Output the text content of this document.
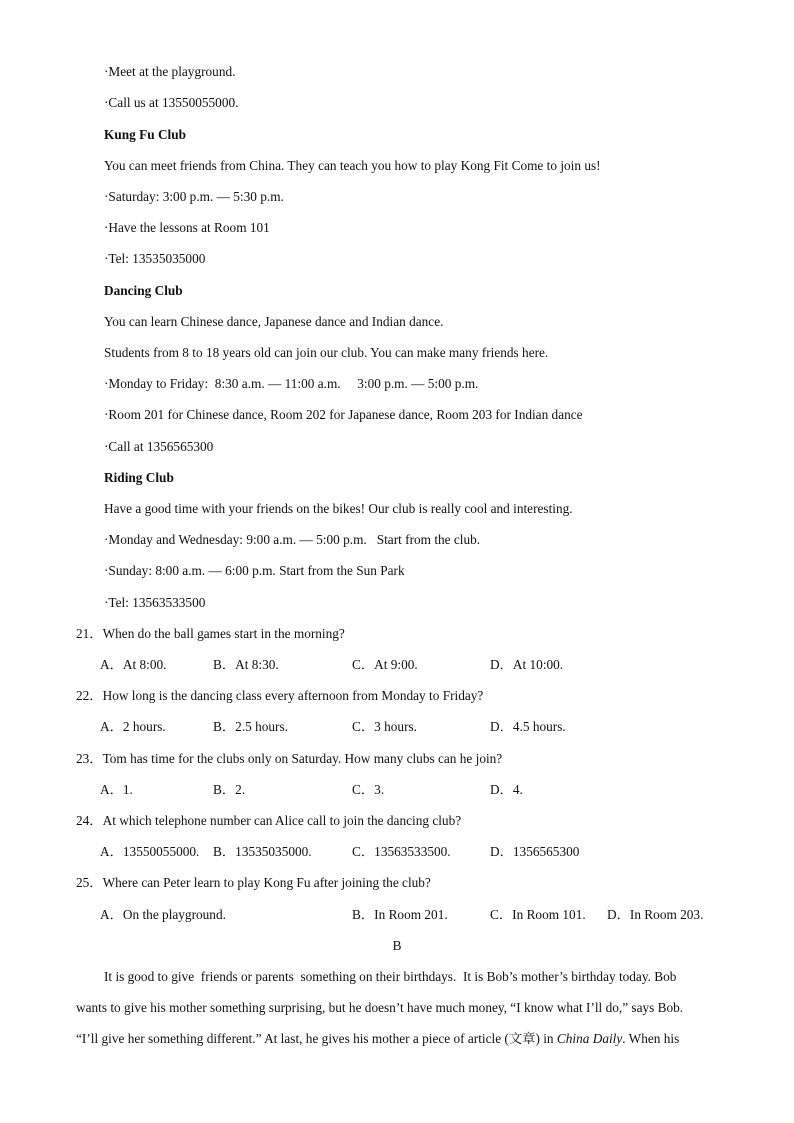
·Meet at the playground.
·Call us at 13550055000.
Kung Fu Club
You can meet friends from China. They can teach you how to play Kong Fit Come to join us!
·Saturday: 3:00 p.m. — 5:30 p.m.
·Have the lessons at Room 101
·Tel: 13535035000
Dancing Club
You can learn Chinese dance, Japanese dance and Indian dance.
Students from 8 to 18 years old can join our club. You can make many friends here.
·Monday to Friday:  8:30 a.m. — 11:00 a.m.     3:00 p.m. — 5:00 p.m.
·Room 201 for Chinese dance, Room 202 for Japanese dance, Room 203 for Indian dance
·Call at 1356565300
Riding Club
Have a good time with your friends on the bikes! Our club is really cool and interesting.
·Monday and Wednesday: 9:00 a.m. — 5:00 p.m.   Start from the club.
·Sunday: 8:00 a.m. — 6:00 p.m. Start from the Sun Park
·Tel: 13563533500
21．When do the ball games start in the morning?
A．At 8:00.	B．At 8:30.	C．At 9:00.	D．At 10:00.
22．How long is the dancing class every afternoon from Monday to Friday?
A．2 hours.	B．2.5 hours.	C．3 hours.	D．4.5 hours.
23．Tom has time for the clubs only on Saturday. How many clubs can he join?
A．1.	B．2.	C．3.	D．4.
24．At which telephone number can Alice call to join the dancing club?
A．13550055000. B．13535035000.	C．13563533500.	D．1356565300
25．Where can Peter learn to play Kong Fu after joining the club?
A．On the playground.	B．In Room 201.	C．In Room 101. D．In Room 203.
B
It is good to give  friends or parents  something on their birthdays.  It is Bob’s mother’s birthday today. Bob
wants to give his mother something surprising, but he doesn’t have much money, “I know what I’ll do,” says Bob.
“I’ll give her something different.” At last, he gives his mother a piece of article (文章) in China Daily. When his
